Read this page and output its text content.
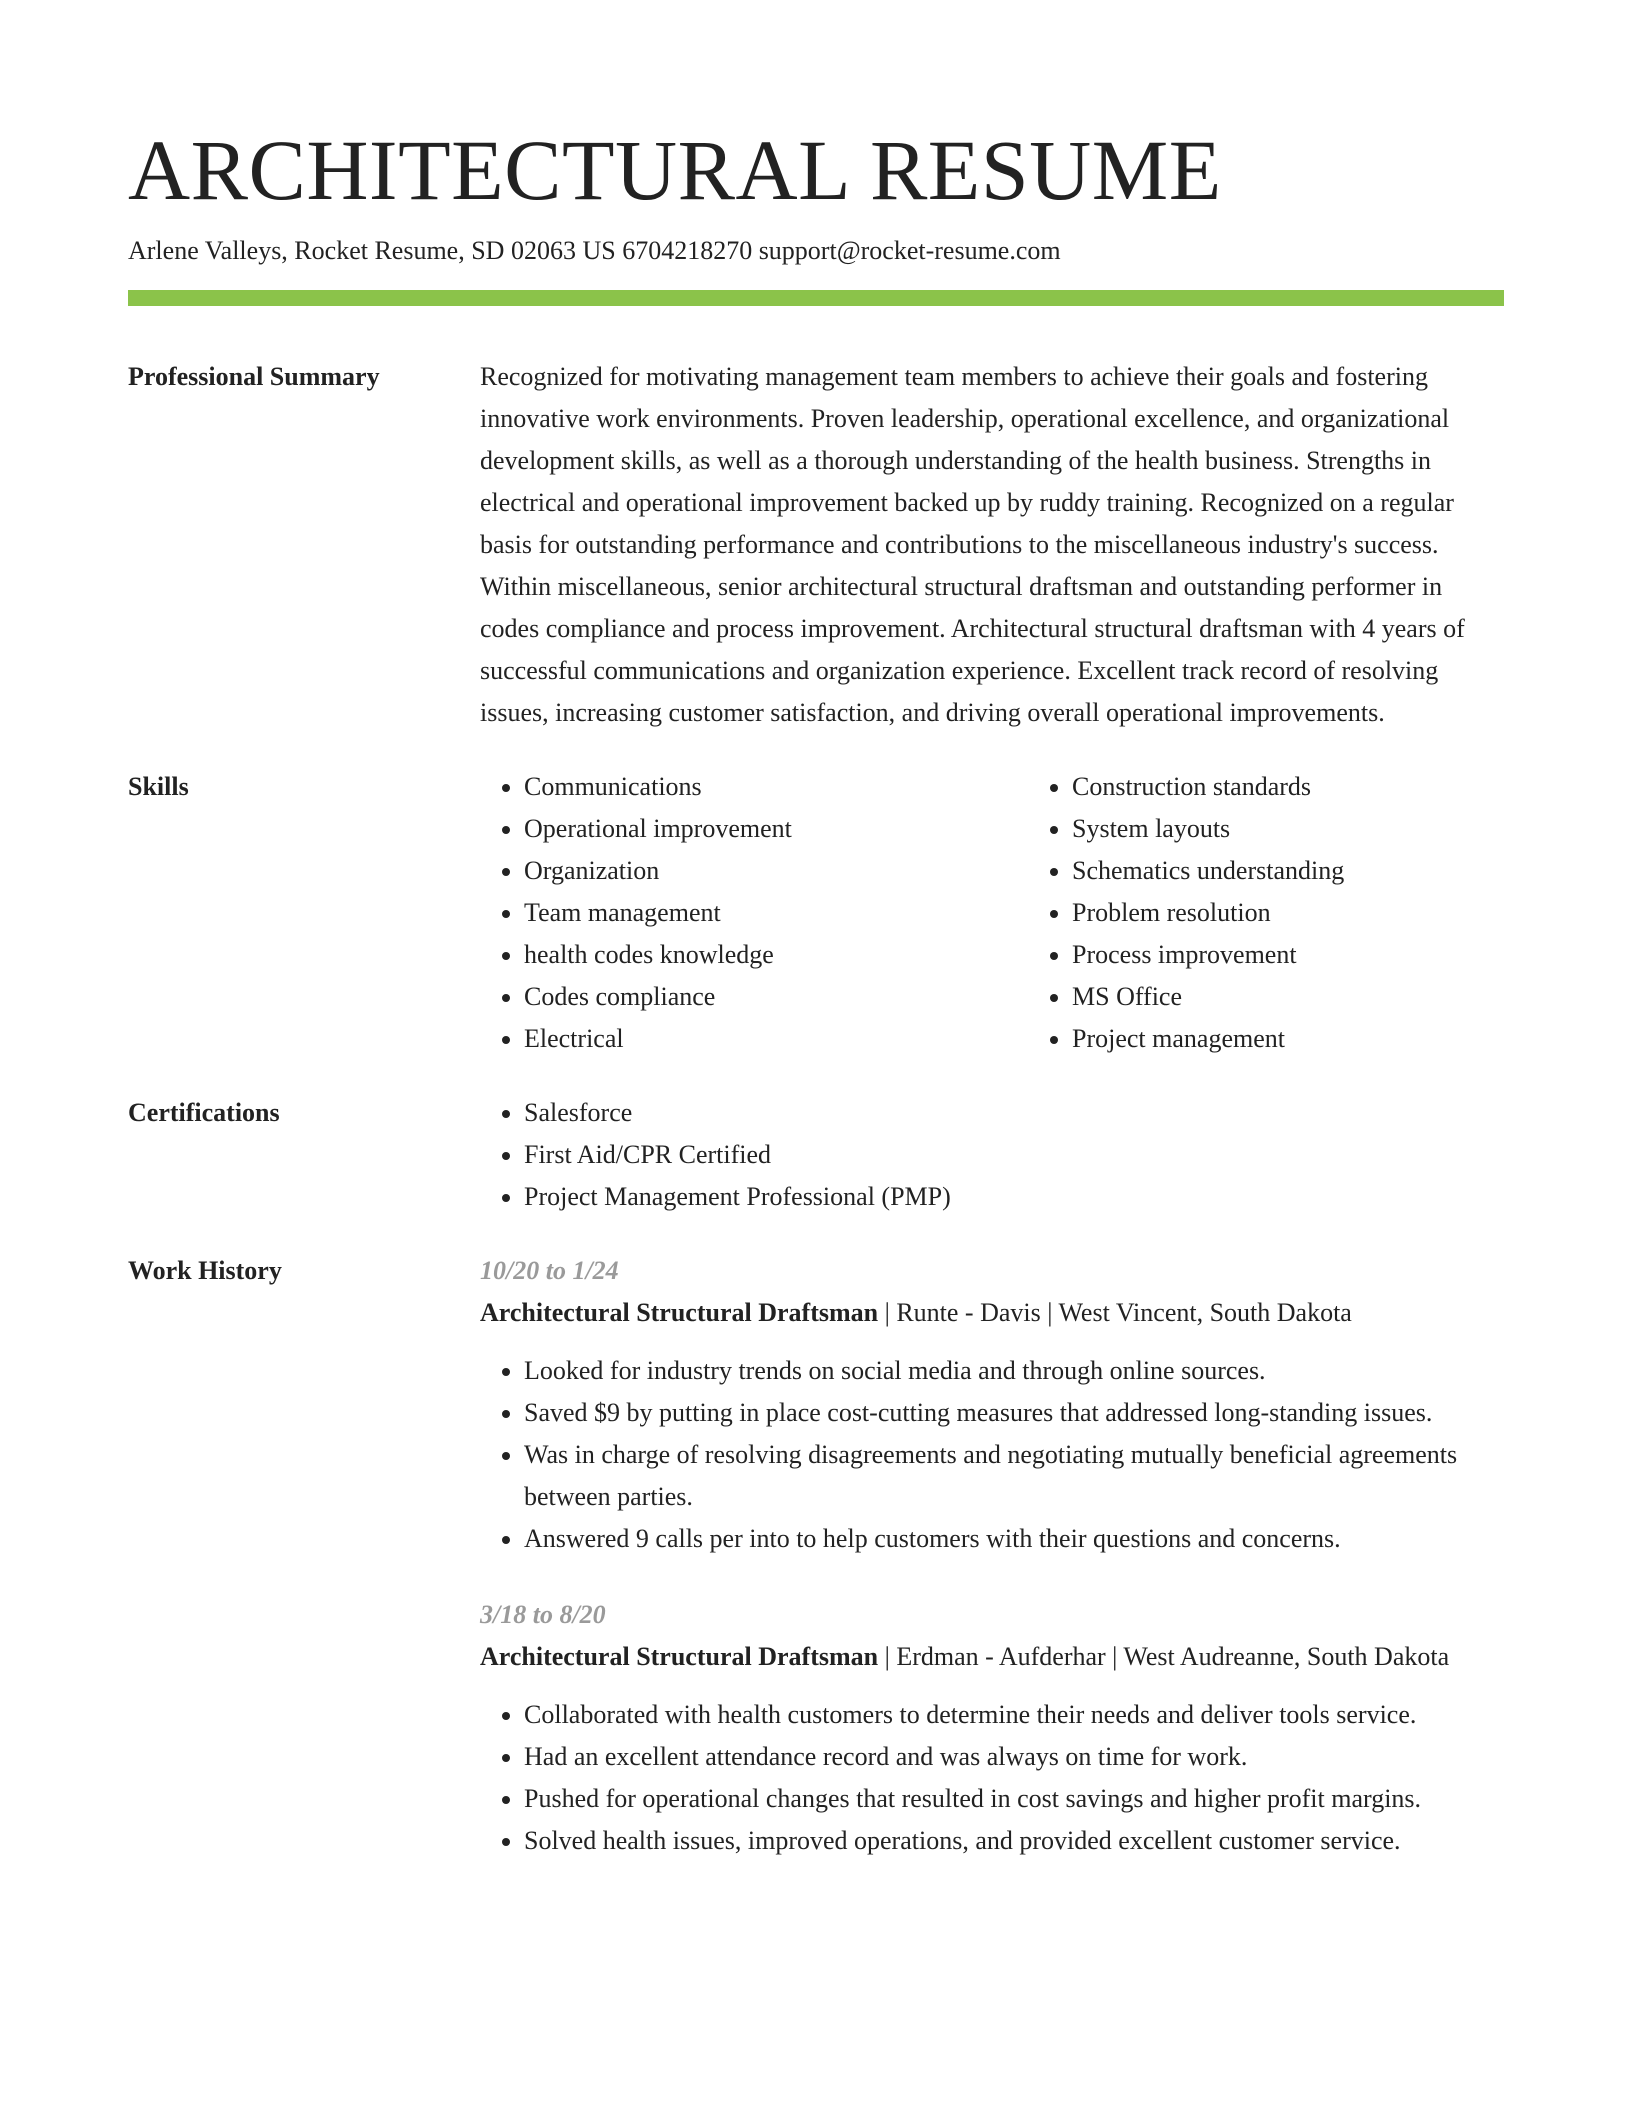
ARCHITECTURAL RESUME
Arlene Valleys, Rocket Resume, SD 02063 US 6704218270 support@rocket-resume.com
Professional Summary	Recognized for motivating management team members to achieve their goals and fostering innovative work environments. Proven leadership, operational excellence, and organizational development skills, as well as a thorough understanding of the health business. Strengths in electrical and operational improvement backed up by ruddy training. Recognized on a regular basis for outstanding performance and contributions to the miscellaneous industry's success. Within miscellaneous, senior architectural structural draftsman and outstanding performer in codes compliance and process improvement. Architectural structural draftsman with 4 years of successful communications and organization experience. Excellent track record of resolving issues, increasing customer satisfaction, and driving overall operational improvements.

Skills	• Communications
• Operational improvement
• Organization
• Team management
• health codes knowledge
• Codes compliance
• Electrical
• Construction standards
• System layouts
• Schematics understanding
• Problem resolution
• Process improvement
• MS Office
• Project management
Certifications	• Salesforce
• First Aid/CPR Certified
• Project Management Professional (PMP)
Work History	10/20 to 1/24
Architectural Structural Draftsman | Runte - Davis | West Vincent, South Dakota
• Looked for industry trends on social media and through online sources.
• Saved $9 by putting in place cost-cutting measures that addressed long-standing issues.
• Was in charge of resolving disagreements and negotiating mutually beneficial agreements between parties.
• Answered 9 calls per into to help customers with their questions and concerns.
3/18 to 8/20
Architectural Structural Draftsman | Erdman - Aufderhar | West Audreanne, South Dakota
• Collaborated with health customers to determine their needs and deliver tools service.
• Had an excellent attendance record and was always on time for work.
• Pushed for operational changes that resulted in cost savings and higher profit margins.
• Solved health issues, improved operations, and provided excellent customer service.
